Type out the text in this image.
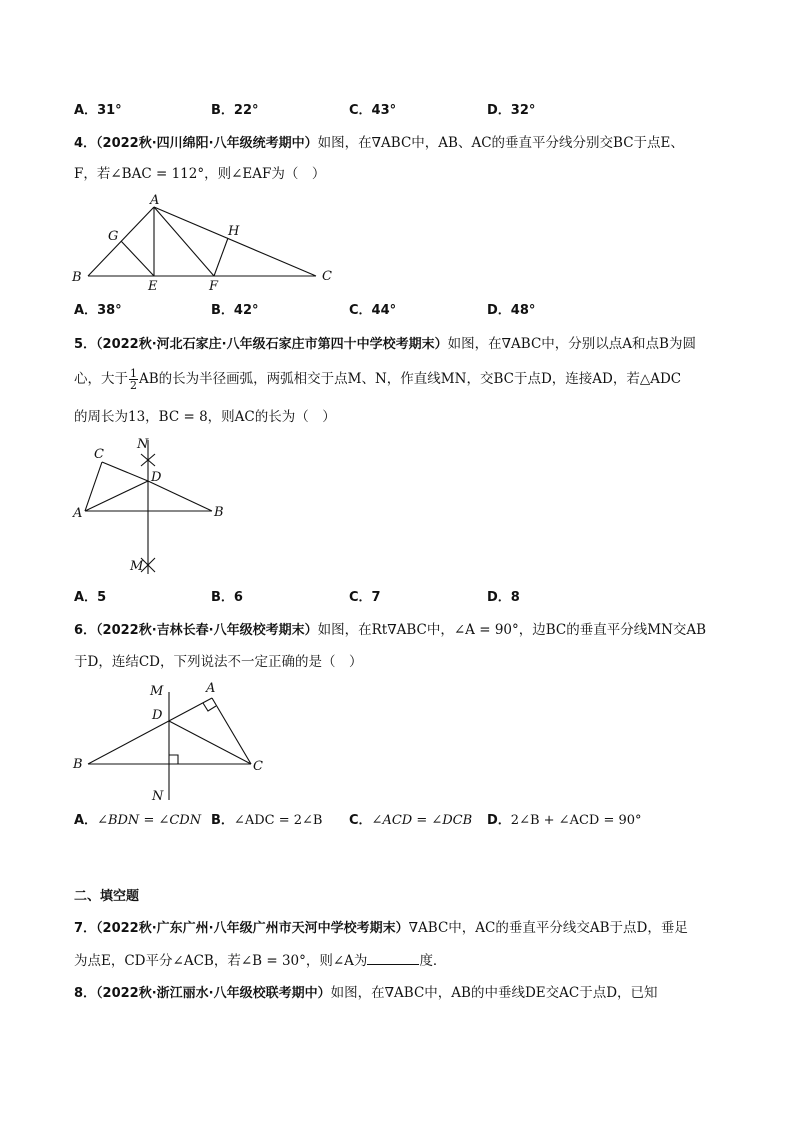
A．31°	B．22°	C．43°	D．32°
4．（2022秋·四川绵阳·八年级统考期中）如图，在∇ABC中，AB、AC的垂直平分线分别交BC于点E、
F，若∠BAC = 112°，则∠EAF为（　）
A
B	C
E	F
G	H
A．38°	B．42°	C．44°	D．48°
5．（2022秋·河北石家庄·八年级石家庄市第四十中学校考期末）如图，在∇ABC中，分别以点A和点B为圆
心，大于 $\frac{1}{2}$ AB的长为半径画弧，两弧相交于点M、N，作直线MN，交BC于点D，连接AD，若△ADC
的周长为13，BC = 8，则AC的长为（　）
N
C
D
A	B
M
A．5	B．6	C．7	D．8
6．（2022秋·吉林长春·八年级校考期末）如图，在Rt∇ABC中，∠A = 90°，边BC的垂直平分线MN交AB
于D，连结CD，下列说法不一定正确的是（　）
M	A
D
B	C
N
A．∠BDN = ∠CDN B．∠ADC = 2∠B C．∠ACD = ∠DCB D．2∠B + ∠ACD = 90°
二、填空题
7．（2022秋·广东广州·八年级广州市天河中学校考期末）∇ABC中，AC的垂直平分线交AB于点D，垂足
为点E，CD平分∠ACB，若∠B = 30°，则∠A为	度．
8．（2022秋·浙江丽水·八年级校联考期中）如图，在∇ABC中，AB的中垂线DE交AC于点D，已知
